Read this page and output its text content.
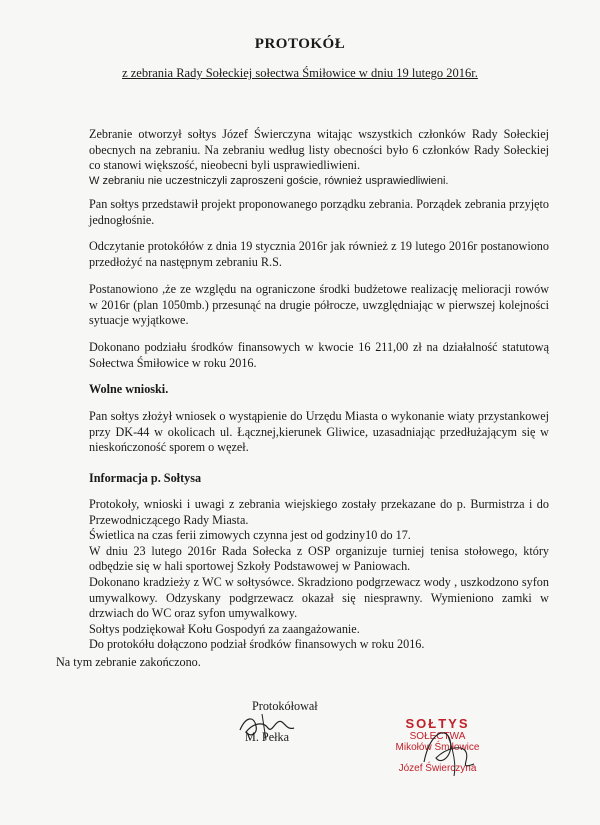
PROTOKÓŁ
z zebrania Rady Sołeckiej sołectwa Śmiłowice w dniu 19 lutego 2016r.

Zebranie otworzył sołtys Józef Świerczyna witając wszystkich członków Rady Sołeckiej obecnych na zebraniu. Na zebraniu według listy obecności było 6 członków Rady Sołeckiej co stanowi większość, nieobecni byli usprawiedliwieni.

W zebraniu nie uczestniczyli zaproszeni goście, również usprawiedliwieni.

Pan sołtys przedstawił projekt proponowanego porządku zebrania. Porządek zebrania przyjęto jednogłośnie.
Odczytanie protokółów z dnia 19 stycznia 2016r jak również z 19 lutego 2016r postanowiono przedłożyć na następnym zebraniu R.S.
Postanowiono ,że ze względu na ograniczone środki budżetowe realizację melioracji rowów w 2016r (plan 1050mb.) przesunąć na drugie półrocze, uwzględniając w pierwszej kolejności sytuacje wyjątkowe.
Dokonano podziału środków finansowych w kwocie 16 211,00 zł na działalność statutową Sołectwa Śmiłowice w roku 2016.
Wolne wnioski.
Pan sołtys złożył wniosek o wystąpienie do Urzędu Miasta o wykonanie wiaty przystankowej przy DK-44 w okolicach ul. Łącznej,kierunek Gliwice, uzasadniając przedłużającym się w nieskończoność sporem o węzeł.
Informacja p. Sołtysa

Protokoły, wnioski i uwagi z zebrania wiejskiego zostały przekazane do p. Burmistrza i do Przewodniczącego Rady Miasta.

Świetlica na czas ferii zimowych czynna jest od godziny10 do 17.

W dniu 23 lutego 2016r Rada Sołecka z OSP organizuje turniej tenisa stołowego, który odbędzie się w hali sportowej Szkoły Podstawowej w Paniowach.

Dokonano kradzieży z WC w sołtysówce. Skradziono podgrzewacz wody , uszkodzono syfon umywalkowy. Odzyskany podgrzewacz okazał się niesprawny. Wymieniono zamki w drzwiach do WC oraz syfon umywalkowy.

Sołtys podziękował Kołu Gospodyń za zaangażowanie.

Do protokółu dołączono podział środków finansowych w roku 2016.

Na tym zebranie zakończono.
Protokółował
M. Pełka
SOŁTYS
SOŁECTWA
Mikołów Śmiłowice
Józef Świerczyna
